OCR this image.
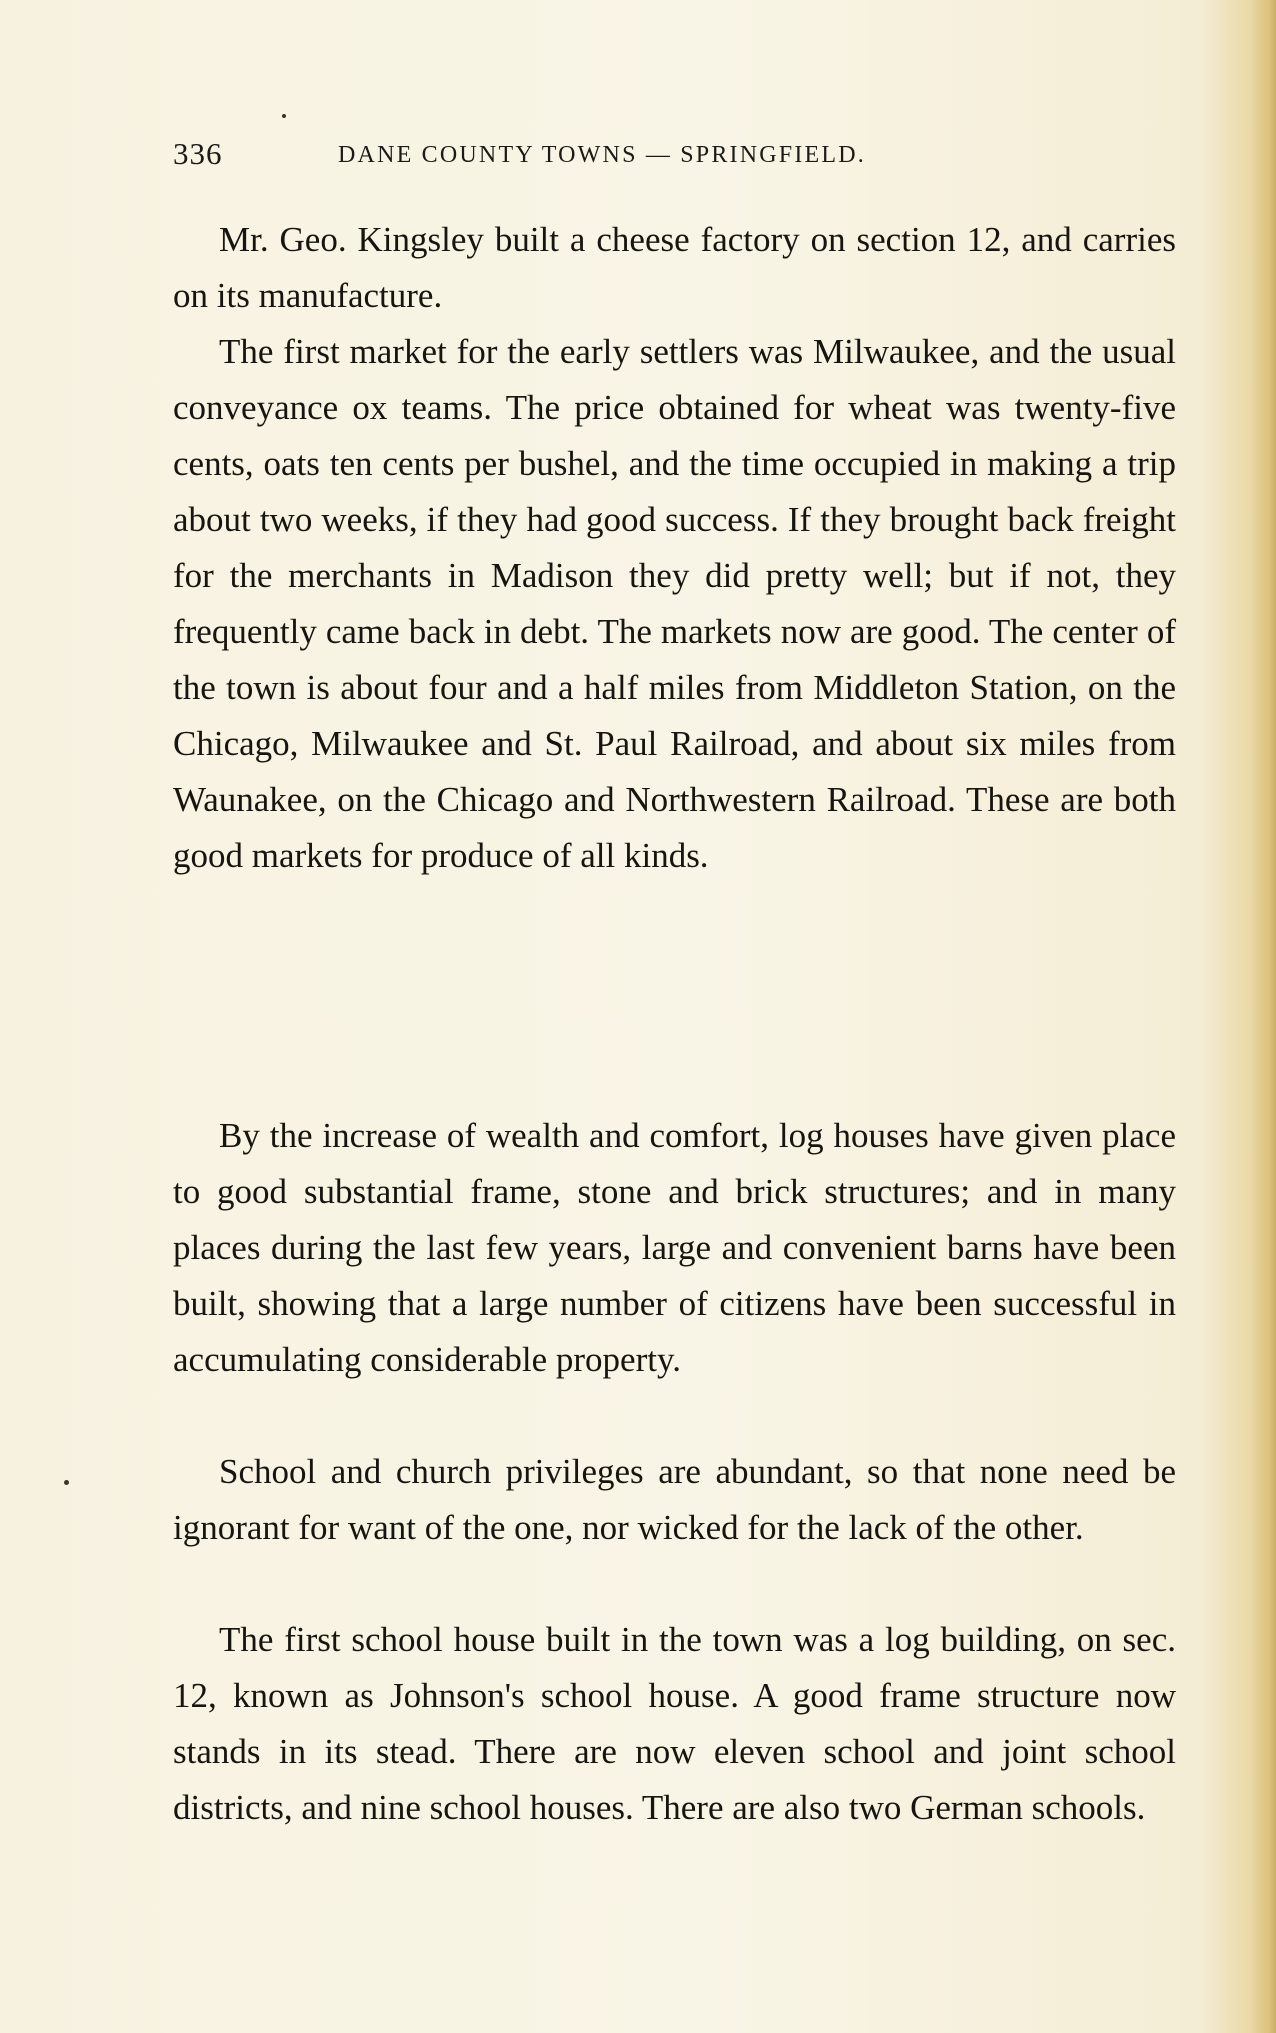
336	DANE COUNTY TOWNS — SPRINGFIELD.

Mr. Geo. Kingsley built a cheese factory on section 12, and carries on its manufacture.

The first market for the early settlers was Milwaukee, and the usual conveyance ox teams. The price obtained for wheat was twenty-five cents, oats ten cents per bushel, and the time occupied in making a trip about two weeks, if they had good success. If they brought back freight for the merchants in Madison they did pretty well; but if not, they frequently came back in debt. The markets now are good. The center of the town is about four and a half miles from Middleton Station, on the Chicago, Milwaukee and St. Paul Railroad, and about six miles from Waunakee, on the Chicago and Northwestern Railroad. These are both good markets for produce of all kinds.

By the increase of wealth and comfort, log houses have given place to good substantial frame, stone and brick structures; and in many places during the last few years, large and convenient barns have been built, showing that a large number of citizens have been successful in accumulating considerable property.

School and church privileges are abundant, so that none need be ignorant for want of the one, nor wicked for the lack of the other.

The first school house built in the town was a log building, on sec. 12, known as Johnson's school house. A good frame structure now stands in its stead. There are now eleven school and joint school districts, and nine school houses. There are also two German schools.
